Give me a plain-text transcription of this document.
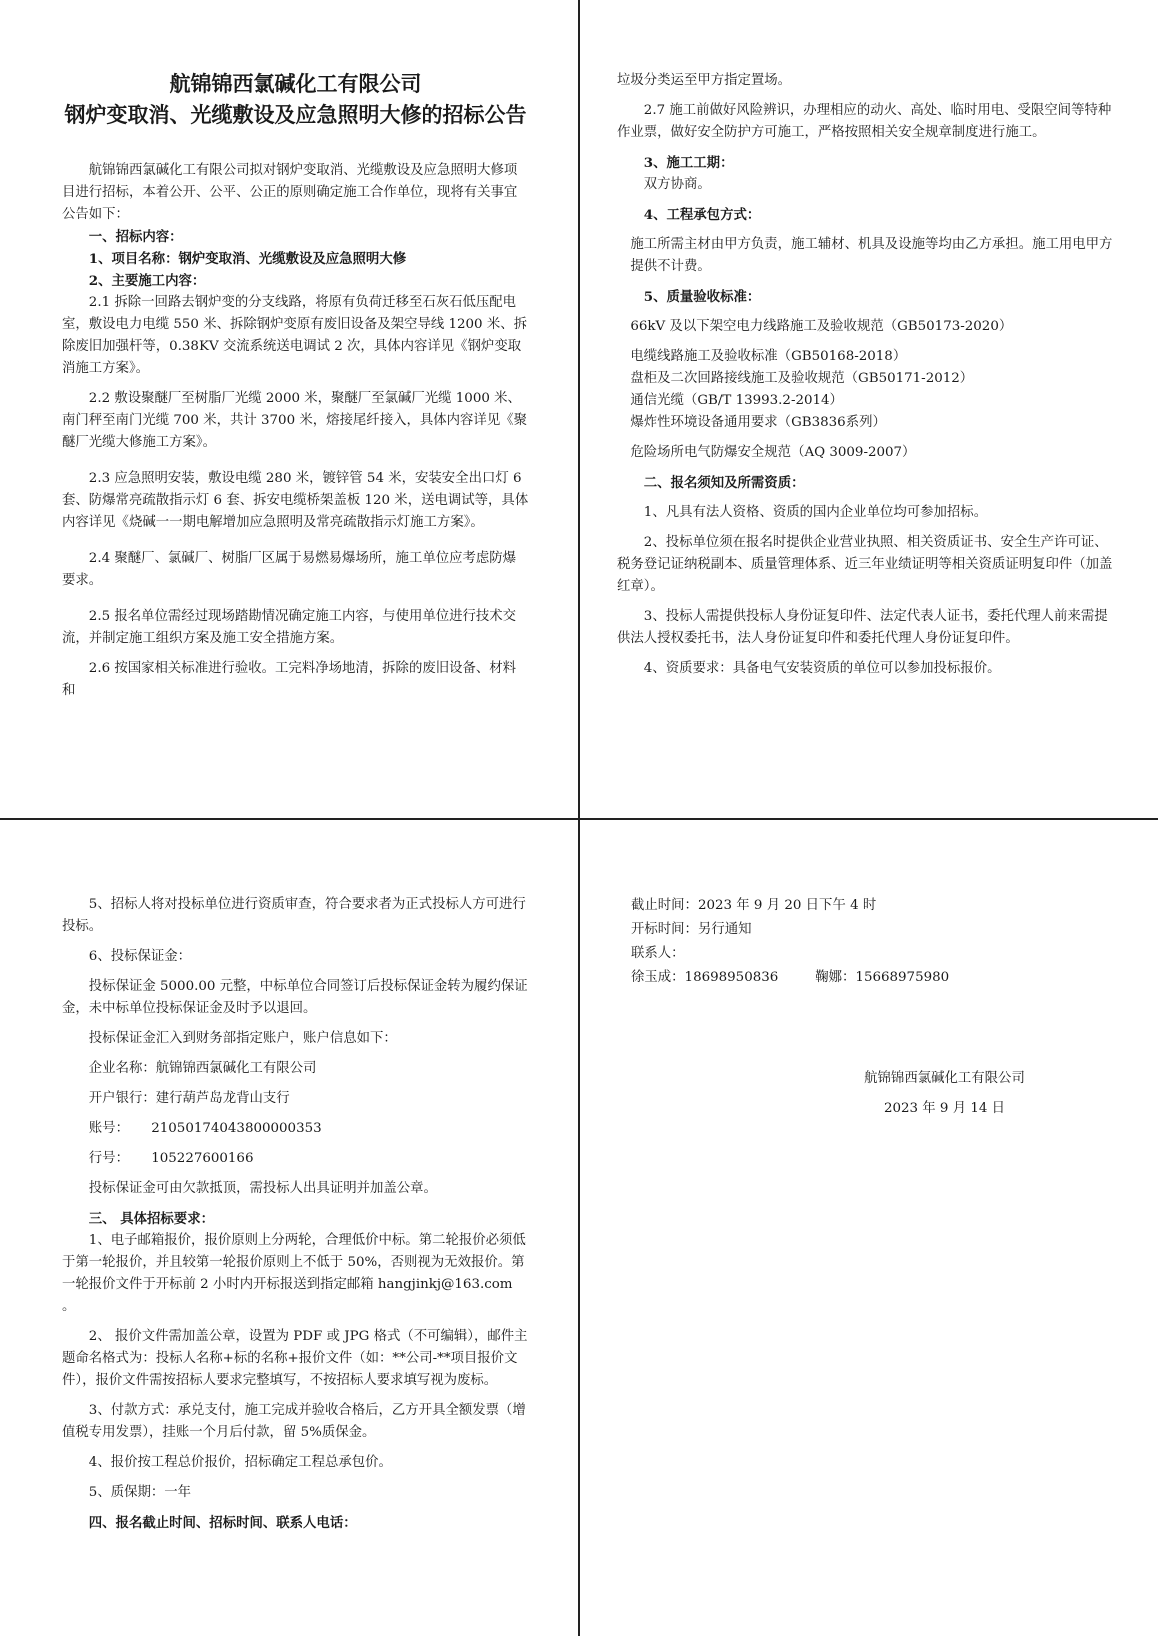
航锦锦西氯碱化工有限公司

钢炉变取消、光缆敷设及应急照明大修的招标公告

航锦锦西氯碱化工有限公司拟对钢炉变取消、光缆敷设及应急照明大修项目进行招标，本着公开、公平、公正的原则确定施工合作单位，现将有关事宜公告如下：

一、招标内容：

1、项目名称：钢炉变取消、光缆敷设及应急照明大修

2、主要施工内容：

2.1 拆除一回路去钢炉变的分支线路，将原有负荷迁移至石灰石低压配电室，敷设电力电缆 550 米、拆除钢炉变原有废旧设备及架空导线 1200 米、拆除废旧加强杆等，0.38KV 交流系统送电调试 2 次，具体内容详见《钢炉变取消施工方案》。

2.2 敷设聚醚厂至树脂厂光缆 2000 米，聚醚厂至氯碱厂光缆 1000 米、南门秤至南门光缆 700 米，共计 3700 米，熔接尾纤接入，具体内容详见《聚醚厂光缆大修施工方案》。

2.3 应急照明安装，敷设电缆 280 米，镀锌管 54 米，安装安全出口灯 6 套、防爆常亮疏散指示灯 6 套、拆安电缆桥架盖板 120 米，送电调试等，具体内容详见《烧碱一一期电解增加应急照明及常亮疏散指示灯施工方案》。

2.4 聚醚厂、氯碱厂、树脂厂区属于易燃易爆场所，施工单位应考虑防爆要求。

2.5 报名单位需经过现场踏勘情况确定施工内容，与使用单位进行技术交流，并制定施工组织方案及施工安全措施方案。

2.6 按国家相关标准进行验收。工完料净场地清，拆除的废旧设备、材料和

垃圾分类运至甲方指定置场。

2.7 施工前做好风险辨识，办理相应的动火、高处、临时用电、受限空间等特种作业票，做好安全防护方可施工，严格按照相关安全规章制度进行施工。

3、施工工期：

双方协商。

4、工程承包方式：

施工所需主材由甲方负责，施工辅材、机具及设施等均由乙方承担。施工用电甲方提供不计费。

5、质量验收标准：

66kV 及以下架空电力线路施工及验收规范（GB50173-2020）

电缆线路施工及验收标准（GB50168-2018）

盘柜及二次回路接线施工及验收规范（GB50171-2012）

通信光缆（GB/T 13993.2-2014）

爆炸性环境设备通用要求（GB3836系列）

危险场所电气防爆安全规范（AQ 3009-2007）

二、报名须知及所需资质：

1、凡具有法人资格、资质的国内企业单位均可参加招标。

2、投标单位须在报名时提供企业营业执照、相关资质证书、安全生产许可证、税务登记证纳税副本、质量管理体系、近三年业绩证明等相关资质证明复印件（加盖红章）。

3、投标人需提供投标人身份证复印件、法定代表人证书，委托代理人前来需提供法人授权委托书，法人身份证复印件和委托代理人身份证复印件。

4、资质要求：具备电气安装资质的单位可以参加投标报价。

5、招标人将对投标单位进行资质审查，符合要求者为正式投标人方可进行投标。

6、投标保证金：

投标保证金 5000.00 元整，中标单位合同签订后投标保证金转为履约保证金，未中标单位投标保证金及时予以退回。

投标保证金汇入到财务部指定账户，账户信息如下：

企业名称：航锦锦西氯碱化工有限公司

开户银行：建行葫芦岛龙背山支行

账号： 21050174043800000353

行号： 105227600166

投标保证金可由欠款抵顶，需投标人出具证明并加盖公章。

三、 具体招标要求：

1、电子邮箱报价，报价原则上分两轮，合理低价中标。第二轮报价必须低于第一轮报价，并且较第一轮报价原则上不低于 50%，否则视为无效报价。第一轮报价文件于开标前 2 小时内开标报送到指定邮箱 hangjinkj@163.com 。

2、 报价文件需加盖公章，设置为 PDF 或 JPG 格式（不可编辑），邮件主题命名格式为：投标人名称+标的名称+报价文件（如：**公司-**项目报价文件），报价文件需按招标人要求完整填写，不按招标人要求填写视为废标。

3、付款方式：承兑支付，施工完成并验收合格后，乙方开具全额发票（增值税专用发票），挂账一个月后付款，留 5%质保金。

4、报价按工程总价报价，招标确定工程总承包价。

5、质保期：一年

四、报名截止时间、招标时间、联系人电话：

截止时间：2023 年 9 月 20 日下午 4 时

开标时间：另行通知

联系人：

徐玉成：18698950836	鞠娜：15668975980

航锦锦西氯碱化工有限公司

2023 年 9 月 14 日
